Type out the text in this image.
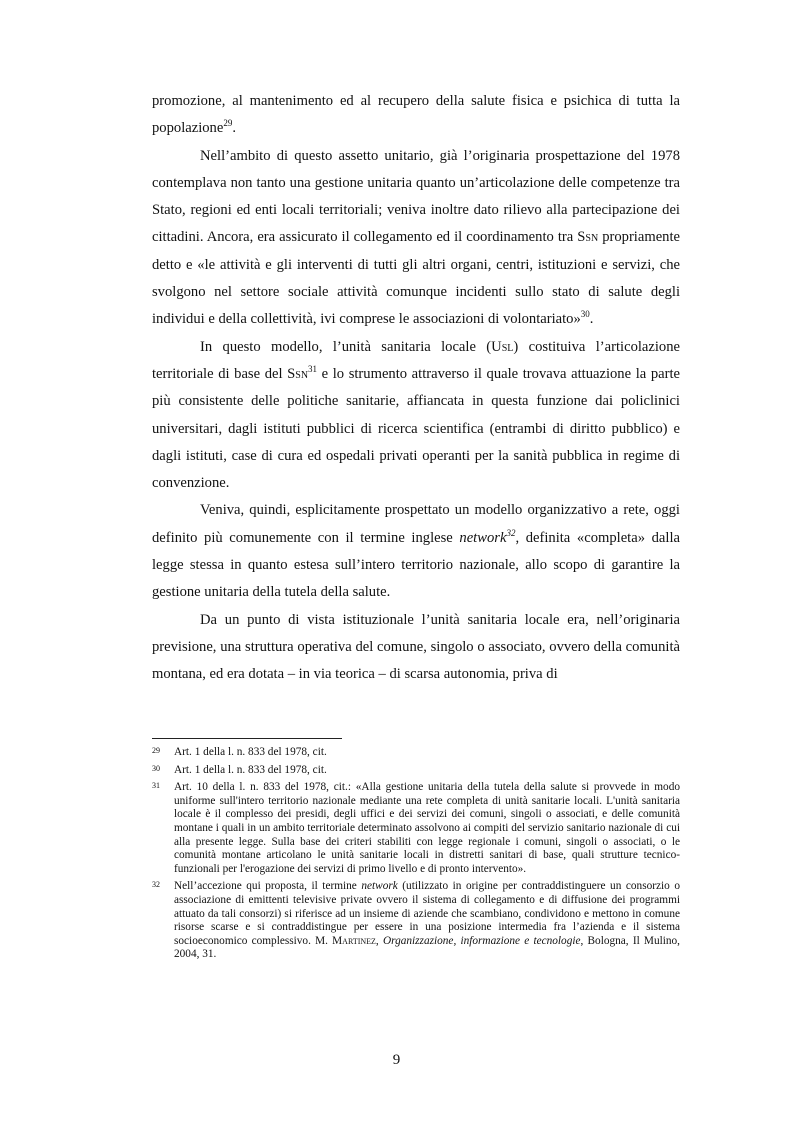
promozione, al mantenimento ed al recupero della salute fisica e psichica di tutta la popolazione$^{29}$.

Nell’ambito di questo assetto unitario, già l’originaria prospettazione del 1978 contemplava non tanto una gestione unitaria quanto un’articolazione delle competenze tra Stato, regioni ed enti locali territoriali; veniva inoltre dato rilievo alla partecipazione dei cittadini. Ancora, era assicurato il collegamento ed il coordinamento tra Ssn propriamente detto e «le attività e gli interventi di tutti gli altri organi, centri, istituzioni e servizi, che svolgono nel settore sociale attività comunque incidenti sullo stato di salute degli individui e della collettività, ivi comprese le associazioni di volontariato»$^{30}$.

In questo modello, l’unità sanitaria locale (Usl) costituiva l’articolazione territoriale di base del Ssn$^{31}$ e lo strumento attraverso il quale trovava attuazione la parte più consistente delle politiche sanitarie, affiancata in questa funzione dai policlinici universitari, dagli istituti pubblici di ricerca scientifica (entrambi di diritto pubblico) e dagli istituti, case di cura ed ospedali privati operanti per la sanità pubblica in regime di convenzione.

Veniva, quindi, esplicitamente prospettato un modello organizzativo a rete, oggi definito più comunemente con il termine inglese network$^{32}$, definita «completa» dalla legge stessa in quanto estesa sull’intero territorio nazionale, allo scopo di garantire la gestione unitaria della tutela della salute.

Da un punto di vista istituzionale l’unità sanitaria locale era, nell’originaria previsione, una struttura operativa del comune, singolo o associato, ovvero della comunità montana, ed era dotata – in via teorica – di scarsa autonomia, priva di

29 Art. 1 della l. n. 833 del 1978, cit.

30 Art. 1 della l. n. 833 del 1978, cit.

31 Art. 10 della l. n. 833 del 1978, cit.: «Alla gestione unitaria della tutela della salute si provvede in modo uniforme sull'intero territorio nazionale mediante una rete completa di unità sanitarie locali. L'unità sanitaria locale è il complesso dei presidi, degli uffici e dei servizi dei comuni, singoli o associati, e delle comunità montane i quali in un ambito territoriale determinato assolvono ai compiti del servizio sanitario nazionale di cui alla presente legge. Sulla base dei criteri stabiliti con legge regionale i comuni, singoli o associati, o le comunità montane articolano le unità sanitarie locali in distretti sanitari di base, quali strutture tecnico-funzionali per l'erogazione dei servizi di primo livello e di pronto intervento».

32 Nell’accezione qui proposta, il termine network (utilizzato in origine per contraddistinguere un consorzio o associazione di emittenti televisive private ovvero il sistema di collegamento e di diffusione dei programmi attuato da tali consorzi) si riferisce ad un insieme di aziende che scambiano, condividono e mettono in comune risorse scarse e si contraddistingue per essere in una posizione intermedia fra l’azienda e il sistema socioeconomico complessivo. M. Martinez, Organizzazione, informazione e tecnologie, Bologna, Il Mulino, 2004, 31.

9
